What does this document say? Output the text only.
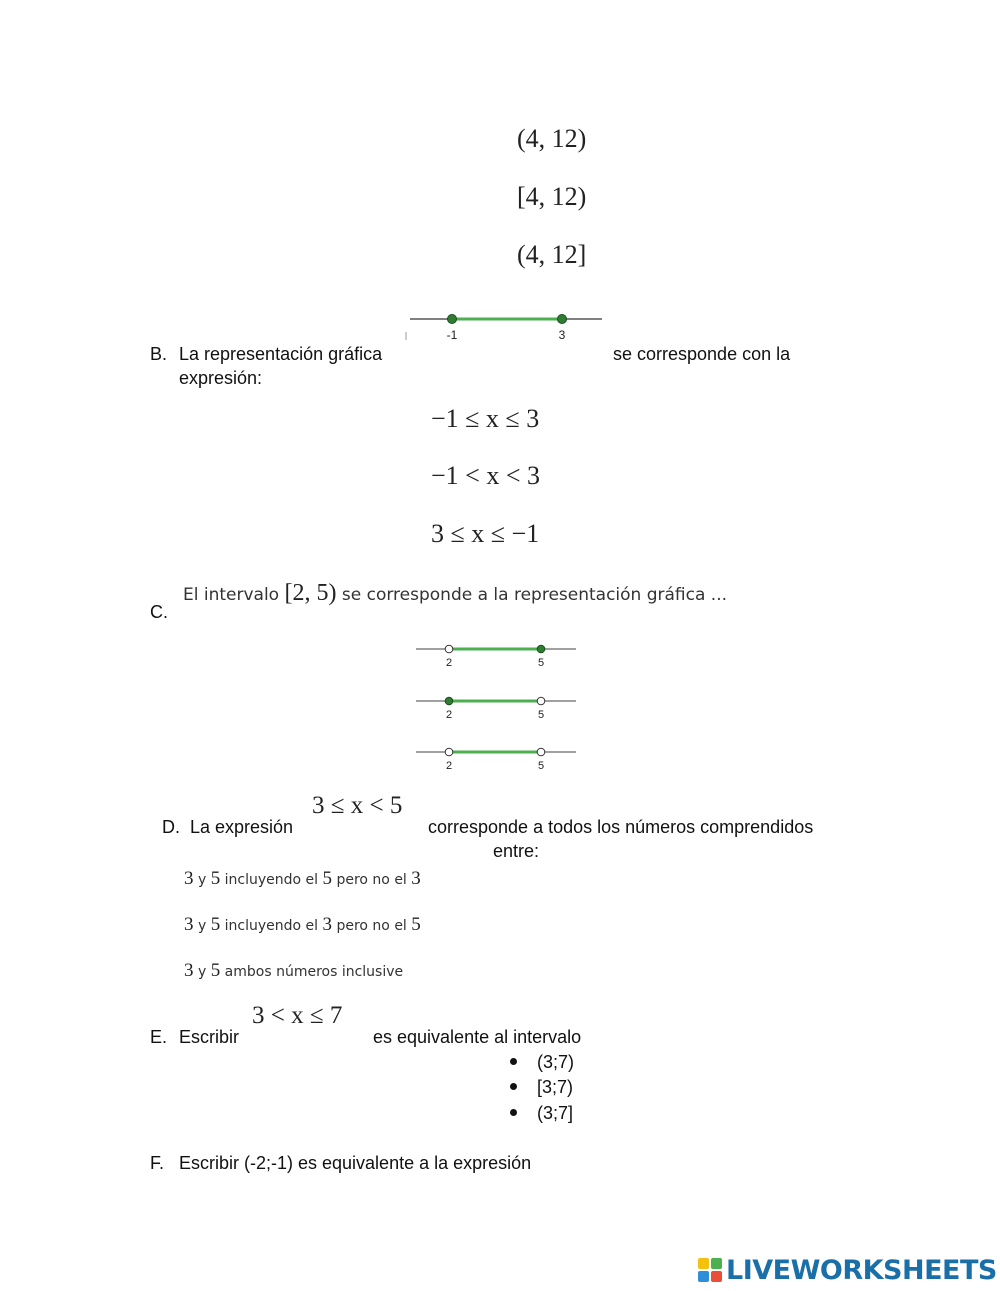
(4, 12)
[4, 12)
(4, 12]
-1	3
B. La representación gráfica	se corresponde con la
expresión:
−1 ≤ x ≤ 3
−1 < x < 3
3 ≤ x ≤ −1
El intervalo [2, 5) se corresponde a la representación gráfica ...
C.
2	5
2	5
2	5
D. La expresión
3 ≤ x < 5
corresponde a todos los números comprendidos
entre:
3 y 5 incluyendo el 5 pero no el 3
3 y 5 incluyendo el 3 pero no el 5
3 y 5 ambos números inclusive
3 < x ≤ 7
E. Escribir	es equivalente al intervalo
(3;7)
[3;7)
(3;7]
F. Escribir (-2;-1) es equivalente a la expresión
LIVEWORKSHEETS
